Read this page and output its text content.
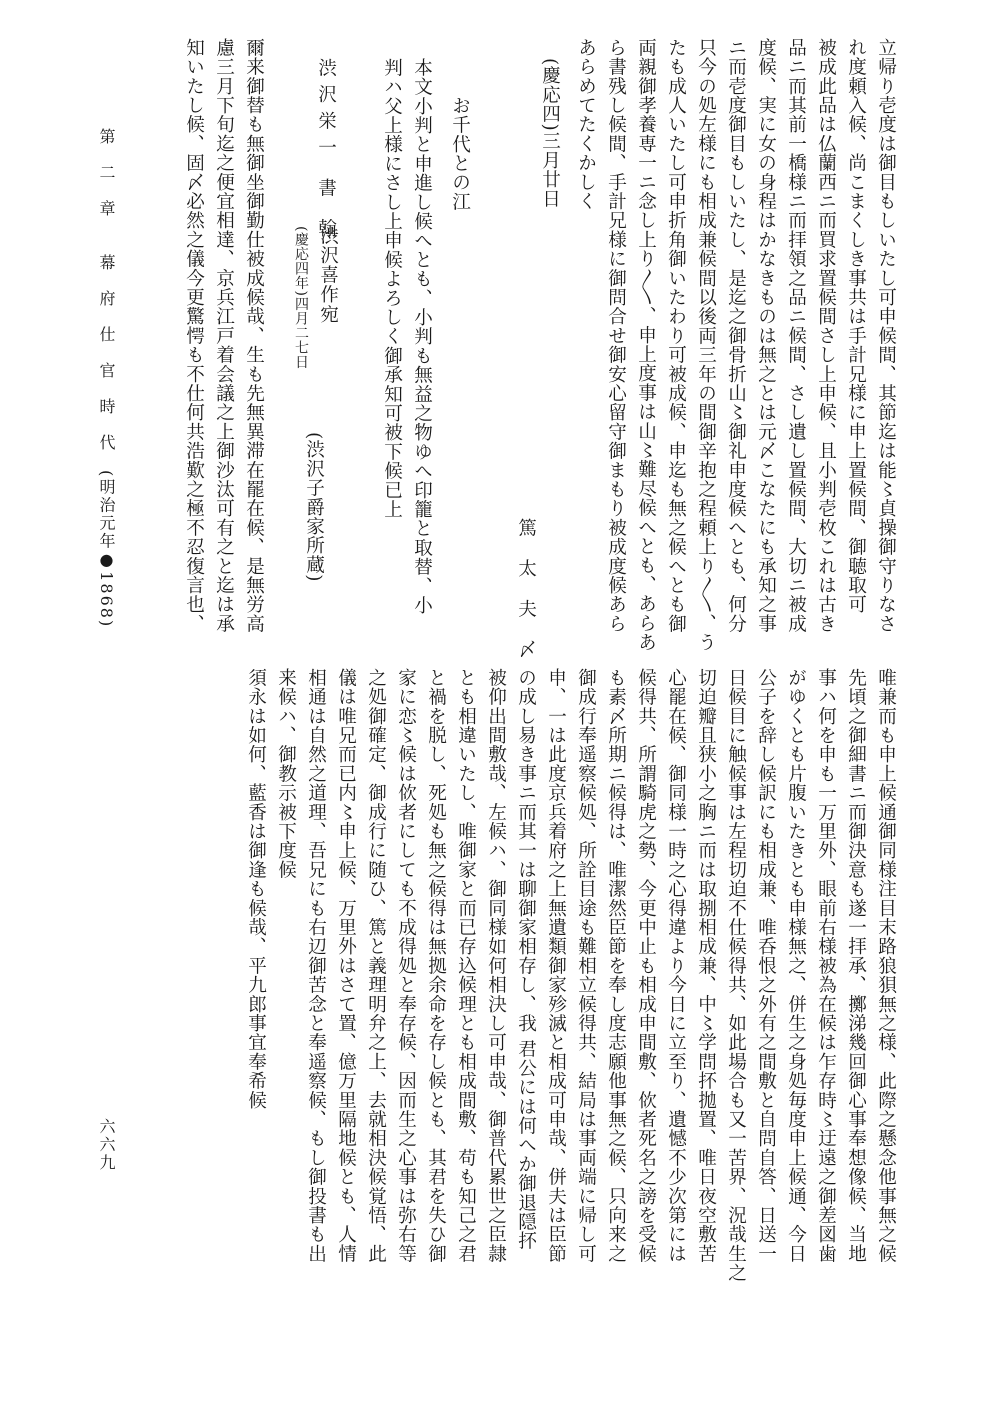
立帰り壱度は御目もしいたし可申候間、其節迄は能〻貞操御守りなさ
れ度頼入候、尚こまくしき事共は手計兄様に申上置候間、御聴取可
被成此品は仏蘭西ニ而買求置候間さし上申候、且小判壱枚これは古き
品ニ而其前一橋様ニ而拝領之品ニ候間、さし遺し置候間、大切ニ被成
度候、実に女の身程はかなきものは無之とは元〆こなたにも承知之事
ニ而壱度御目もしいたし、是迄之御骨折山〻御礼申度候へとも、何分
只今の処左様にも相成兼候間以後両三年の間御辛抱之程頼上り〱、う
たも成人いたし可申折角御いたわり可被成候、申迄も無之候へとも御
両親御孝養専一ニ念し上り〱、申上度事は山〻難尽候へとも、あらあ
ら書残し候間、手計兄様に御問合せ御安心留守御まもり被成度候あら
あらめてたくかしく
(慶応四)三月廿日
篤 太 夫 〆
お千代との江
本文小判と申進し候へとも、小判も無益之物ゆへ印籠と取替、小
判ハ父上様にさし上申候よろしく御承知可被下候已上
渋沢栄一 書 翰
渋沢喜作宛
(慶応四年)四月二七日
(渋沢子爵家所蔵)
爾来御替も無御坐御勤仕被成候哉、生も先無異滞在罷在候、是無労高
慮三月下旬迄之便宜相達、京兵江戸着会議之上御沙汰可有之と迄は承
知いたし候、固〆必然之儀今更驚愕も不仕何共浩歎之極不忍復言也、
第　二　章　　幕　府　仕　官　時　代　(明治元年●1868)
唯兼而も申上候通御同様注目末路狼狽無之様、此際之懸念他事無之候
先頃之御細書ニ而御決意も遂一拝承、擲涕幾回御心事奉想像候、当地
事ハ何を申も一万里外、眼前右様被為在候は乍存時〻迂遠之御差図歯
がゆくとも片腹いたきとも申様無之、併生之身処毎度申上候通、今日
公子を辞し候訳にも相成兼、唯呑恨之外有之間敷と自問自答、日送一
日候目に触候事は左程切迫不仕候得共、如此場合も又一苦界、況哉生之
切迫瓣且狭小之胸ニ而は取捌相成兼、中〻学問抔拋置、唯日夜空敷苦
心罷在候、御同様一時之心得違より今日に立至り、遺憾不少次第には
候得共、所謂騎虎之勢、今更中止も相成申間敷、佽者死名之謗を受候
も素〆所期ニ候得は、唯潔然臣節を奉し度志願他事無之候、只向来之
御成行奉遥察候処、所詮目途も難相立候得共、結局は事両端に帰し可
申、一は此度京兵着府之上無遺類御家殄滅と相成可申哉、併夫は臣節
の成し易き事ニ而其一は聊御家相存し、我 君公には何へか御退隠抔
被仰出間敷哉、左候ハ、御同様如何相決し可申哉、御普代累世之臣隷
とも相違いたし、唯御家と而已存込候理とも相成間敷、苟も知己之君
と禍を脱し、死処も無之候得は無拠余命を存し候とも、其君を失ひ御
家に恋〻候は佽者にしても不成得処と奉存候、因而生之心事は弥右等
之処御確定、御成行に随ひ、篤と義理明弁之上、去就相決候覚悟、此
儀は唯兄而已内〻申上候、万里外はさて置、億万里隔地候とも、人情
相通は自然之道理、吾兄にも右辺御苦念と奉遥察候、もし御投書も出
来候ハ、御教示被下度候
須永は如何、藍香は御逢も候哉、平九郎事宜奉希候
六六九
